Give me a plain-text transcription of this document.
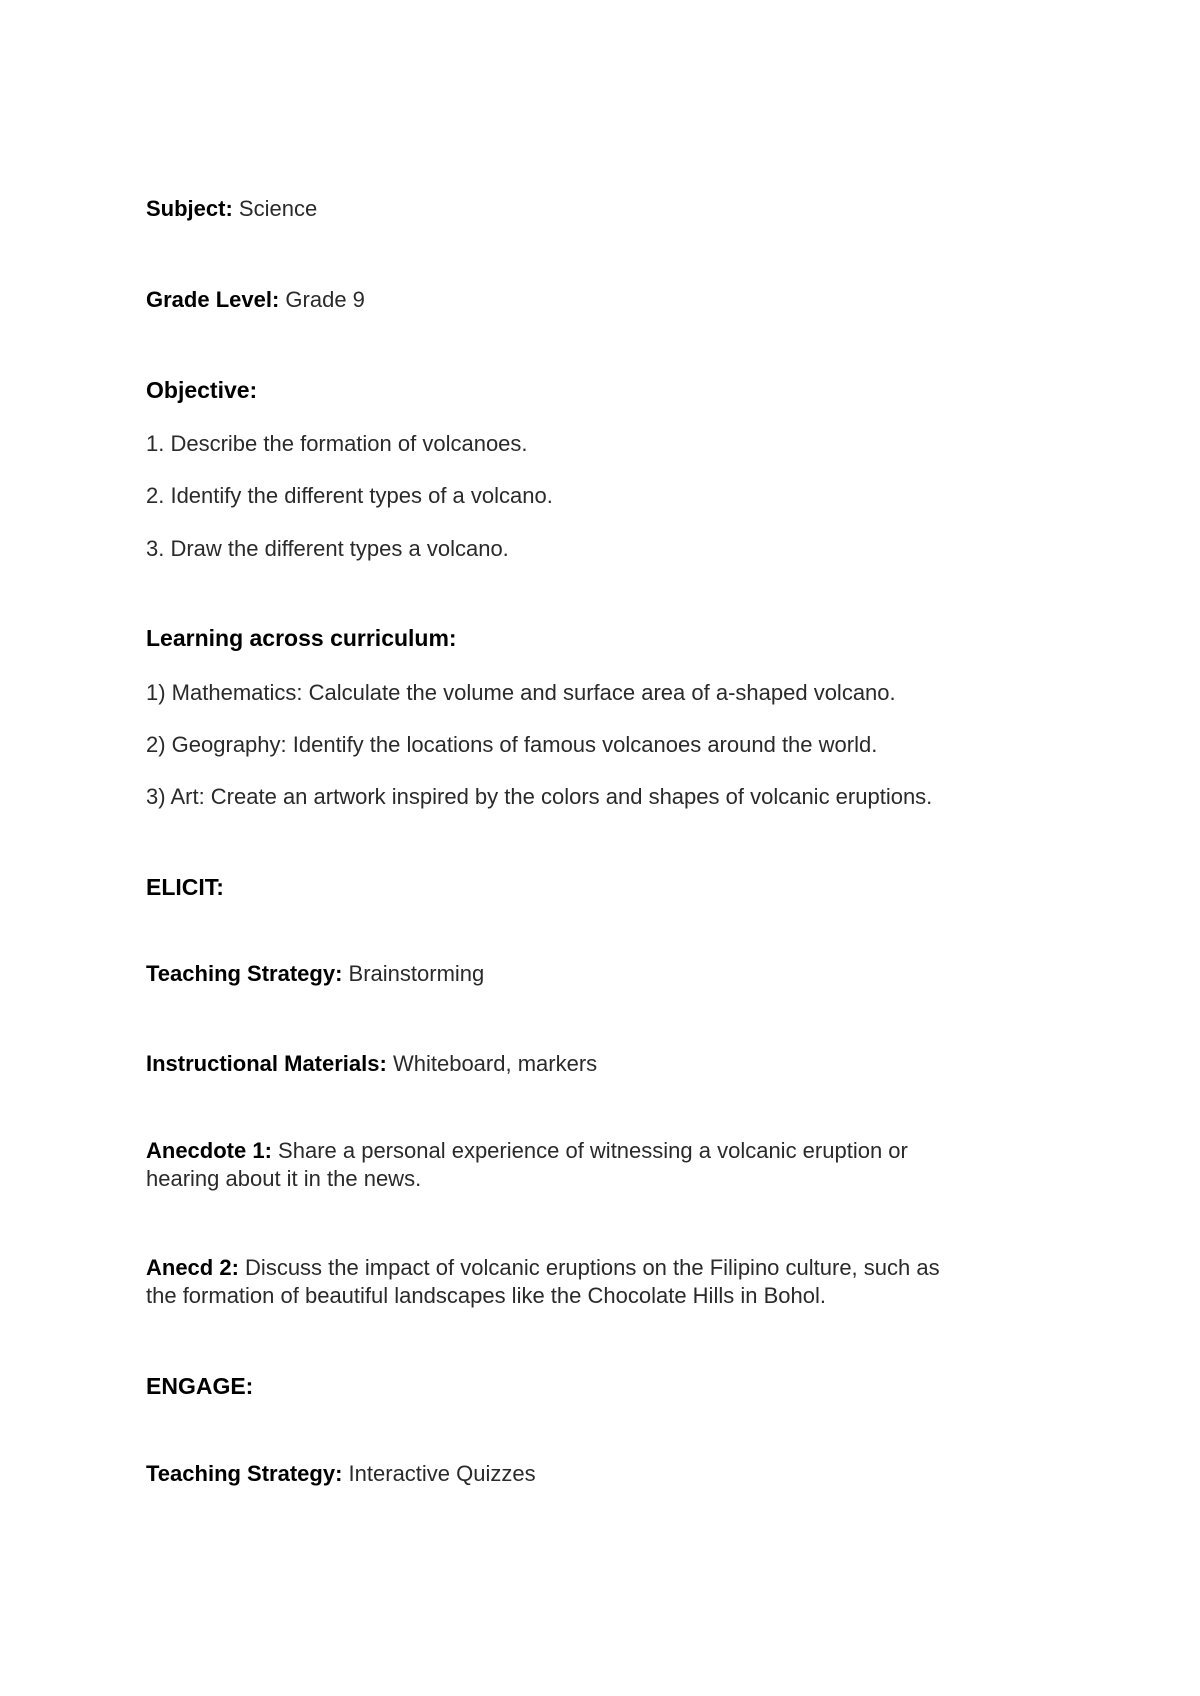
Subject: Science
Grade Level: Grade 9
Objective:
1. Describe the formation of volcanoes.
2. Identify the different types of a volcano.
3. Draw the different types a volcano.
Learning across curriculum:
1) Mathematics: Calculate the volume and surface area of a-shaped volcano.
2) Geography: Identify the locations of famous volcanoes around the world.
3) Art: Create an artwork inspired by the colors and shapes of volcanic eruptions.
ELICIT:
Teaching Strategy: Brainstorming
Instructional Materials: Whiteboard, markers
Anecdote 1: Share a personal experience of witnessing a volcanic eruption or
hearing about it in the news.
Anecd 2: Discuss the impact of volcanic eruptions on the Filipino culture, such as
the formation of beautiful landscapes like the Chocolate Hills in Bohol.
ENGAGE:
Teaching Strategy: Interactive Quizzes
